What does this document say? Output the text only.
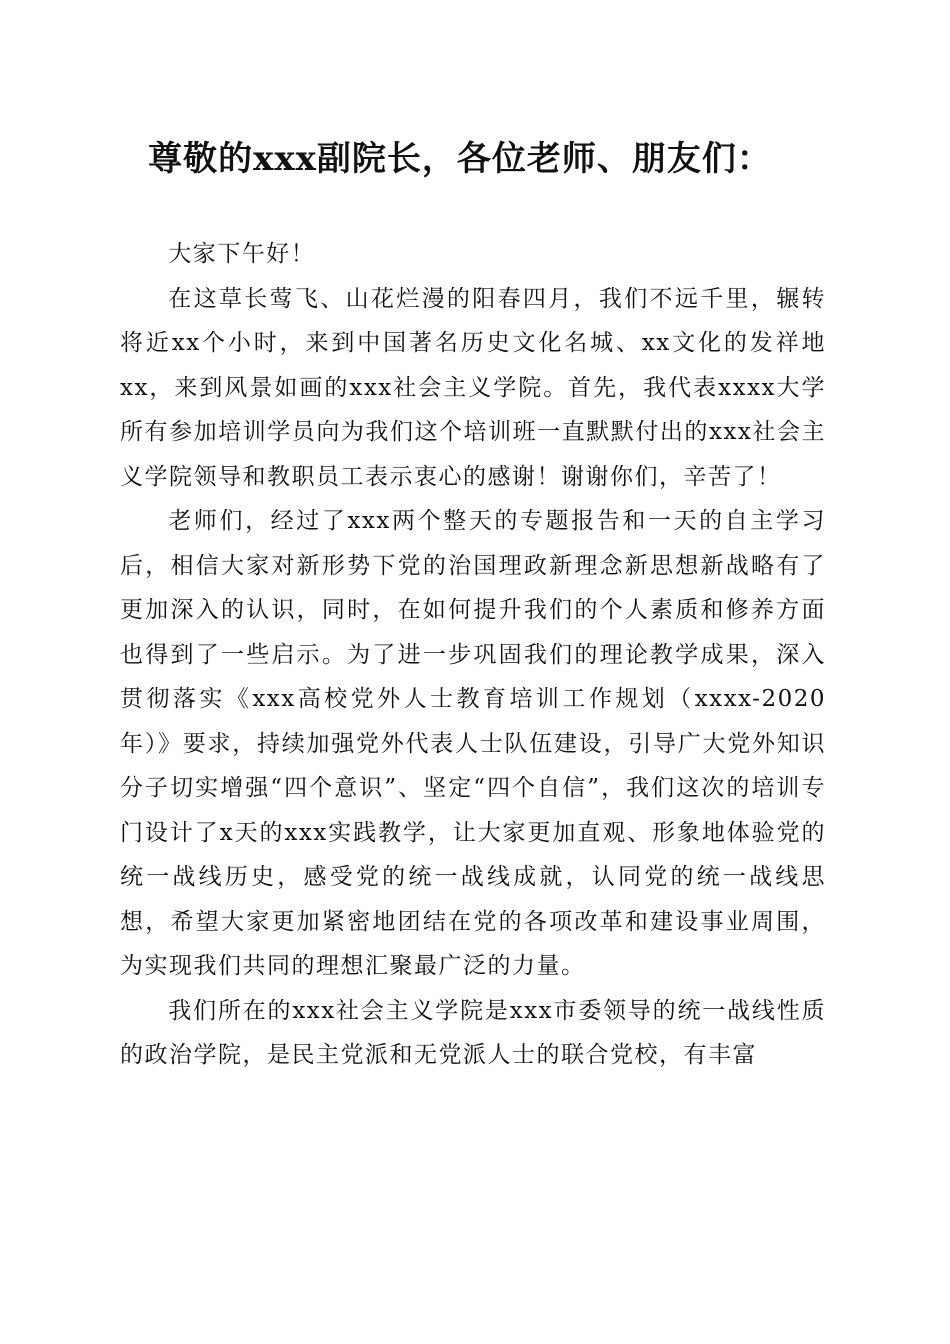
尊敬的xxx副院长，各位老师、朋友们：

大家下午好！

在这草长莺飞、山花烂漫的阳春四月，我们不远千里，辗转将近xx个小时，来到中国著名历史文化名城、xx文化的发祥地xx，来到风景如画的xxx社会主义学院。首先，我代表xxxx大学所有参加培训学员向为我们这个培训班一直默默付出的xxx社会主义学院领导和教职员工表示衷心的感谢！谢谢你们，辛苦了！

老师们，经过了xxx两个整天的专题报告和一天的自主学习后，相信大家对新形势下党的治国理政新理念新思想新战略有了更加深入的认识，同时，在如何提升我们的个人素质和修养方面也得到了一些启示。为了进一步巩固我们的理论教学成果，深入贯彻落实《xxx高校党外人士教育培训工作规划（xxxx-2020年）》要求，持续加强党外代表人士队伍建设，引导广大党外知识分子切实增强“四个意识”、坚定“四个自信”，我们这次的培训专门设计了x天的xxx实践教学，让大家更加直观、形象地体验党的统一战线历史，感受党的统一战线成就，认同党的统一战线思想，希望大家更加紧密地团结在党的各项改革和建设事业周围，为实现我们共同的理想汇聚最广泛的力量。

我们所在的xxx社会主义学院是xxx市委领导的统一战线性质的政治学院，是民主党派和无党派人士的联合党校，有丰富
